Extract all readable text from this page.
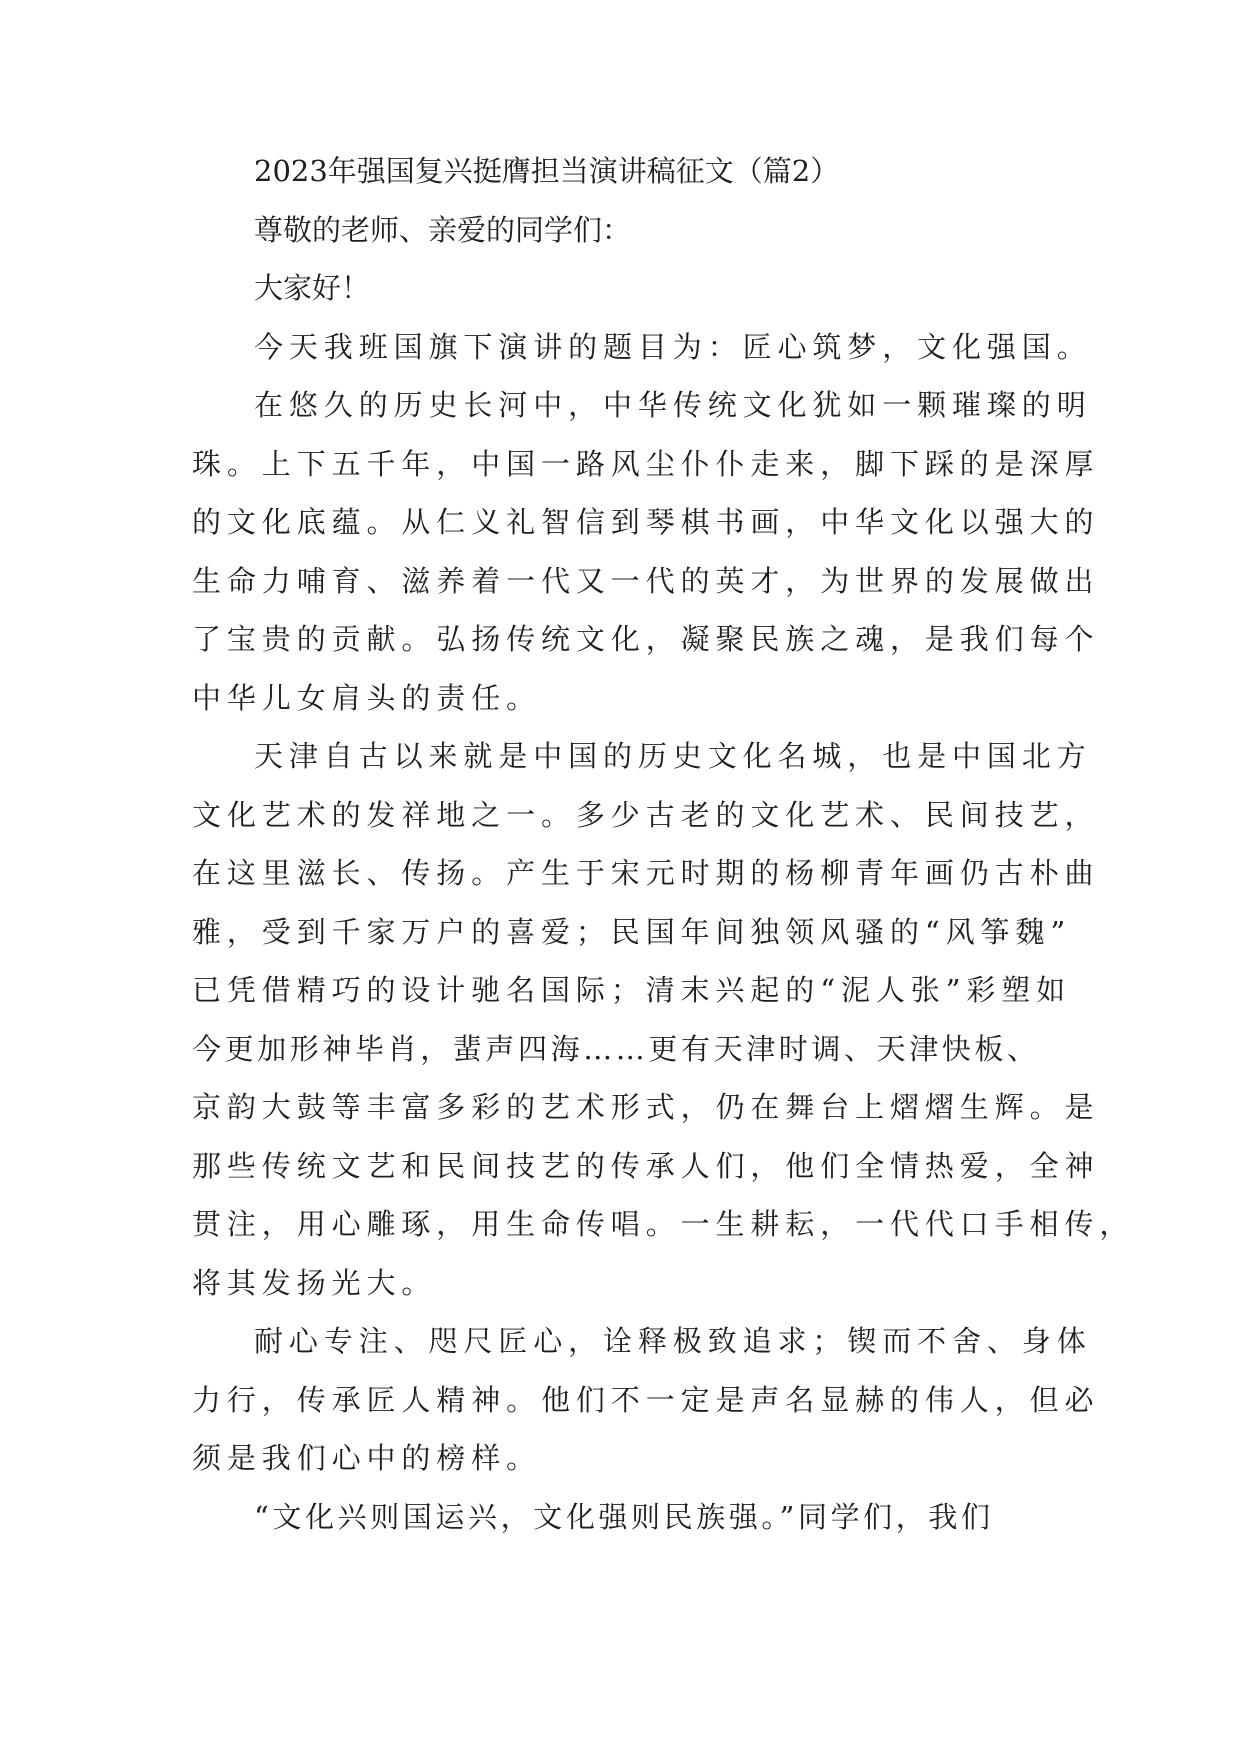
2023年强国复兴挺膺担当演讲稿征文（篇2）

尊敬的老师、亲爱的同学们：

大家好！

今天我班国旗下演讲的题目为：匠心筑梦，文化强国。

在悠久的历史长河中，中华传统文化犹如一颗璀璨的明

珠。上下五千年，中国一路风尘仆仆走来，脚下踩的是深厚

的文化底蕴。从仁义礼智信到琴棋书画，中华文化以强大的

生命力哺育、滋养着一代又一代的英才，为世界的发展做出

了宝贵的贡献。弘扬传统文化，凝聚民族之魂，是我们每个

中华儿女肩头的责任。

天津自古以来就是中国的历史文化名城，也是中国北方

文化艺术的发祥地之一。多少古老的文化艺术、民间技艺，

在这里滋长、传扬。产生于宋元时期的杨柳青年画仍古朴曲

雅，受到千家万户的喜爱；民国年间独领风骚的“风筝魏”

已凭借精巧的设计驰名国际；清末兴起的“泥人张”彩塑如

今更加形神毕肖，蜚声四海……更有天津时调、天津快板、

京韵大鼓等丰富多彩的艺术形式，仍在舞台上熠熠生辉。是

那些传统文艺和民间技艺的传承人们，他们全情热爱，全神

贯注，用心雕琢，用生命传唱。一生耕耘，一代代口手相传，

将其发扬光大。

耐心专注、咫尺匠心，诠释极致追求；锲而不舍、身体

力行，传承匠人精神。他们不一定是声名显赫的伟人，但必

须是我们心中的榜样。

“文化兴则国运兴，文化强则民族强。”同学们，我们
